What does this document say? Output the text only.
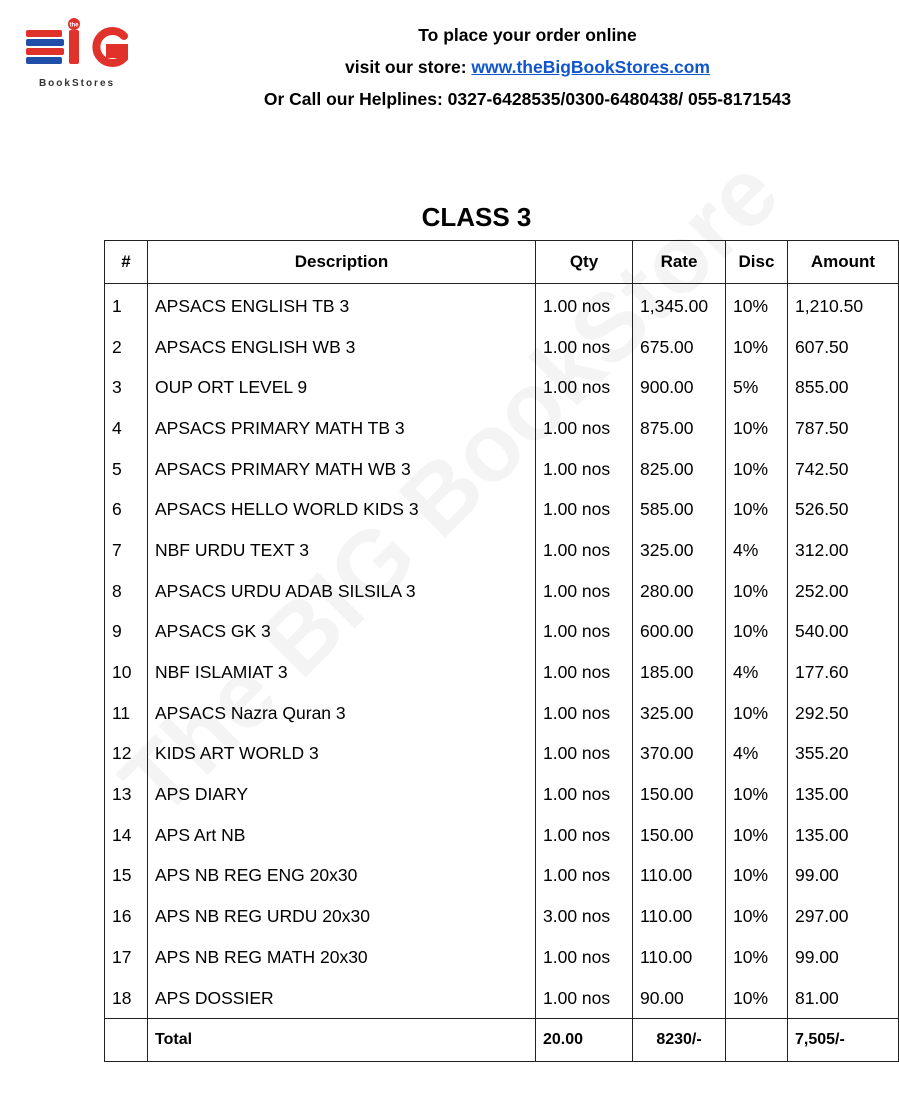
the
BookStores
To place your order online
visit our store: www.theBigBookStores.com
Or Call our Helplines: 0327-6428535/0300-6480438/ 055-8171543
CLASS 3
#	Description	Qty	Rate	Disc	Amount
1	APSACS ENGLISH TB 3	1.00 nos	1,345.00	10%	1,210.50
2	APSACS ENGLISH WB 3	1.00 nos	675.00	10%	607.50
3	OUP ORT LEVEL 9	1.00 nos	900.00	5%	855.00
4	APSACS PRIMARY MATH TB 3	1.00 nos	875.00	10%	787.50
5	APSACS PRIMARY MATH WB 3	1.00 nos	825.00	10%	742.50
6	APSACS HELLO WORLD KIDS 3	1.00 nos	585.00	10%	526.50
7	NBF URDU TEXT 3	1.00 nos	325.00	4%	312.00
8	APSACS URDU ADAB SILSILA 3	1.00 nos	280.00	10%	252.00
9	APSACS GK 3	1.00 nos	600.00	10%	540.00
10	NBF ISLAMIAT 3	1.00 nos	185.00	4%	177.60
11	APSACS Nazra Quran 3	1.00 nos	325.00	10%	292.50
12	KIDS ART WORLD 3	1.00 nos	370.00	4%	355.20
13	APS DIARY	1.00 nos	150.00	10%	135.00
14	APS Art NB	1.00 nos	150.00	10%	135.00
15	APS NB REG ENG 20x30	1.00 nos	110.00	10%	99.00
16	APS NB REG URDU 20x30	3.00 nos	110.00	10%	297.00
17	APS NB REG MATH 20x30	1.00 nos	110.00	10%	99.00
18	APS DOSSIER	1.00 nos	90.00	10%	81.00
	Total	20.00	8230/-		7,505/-
